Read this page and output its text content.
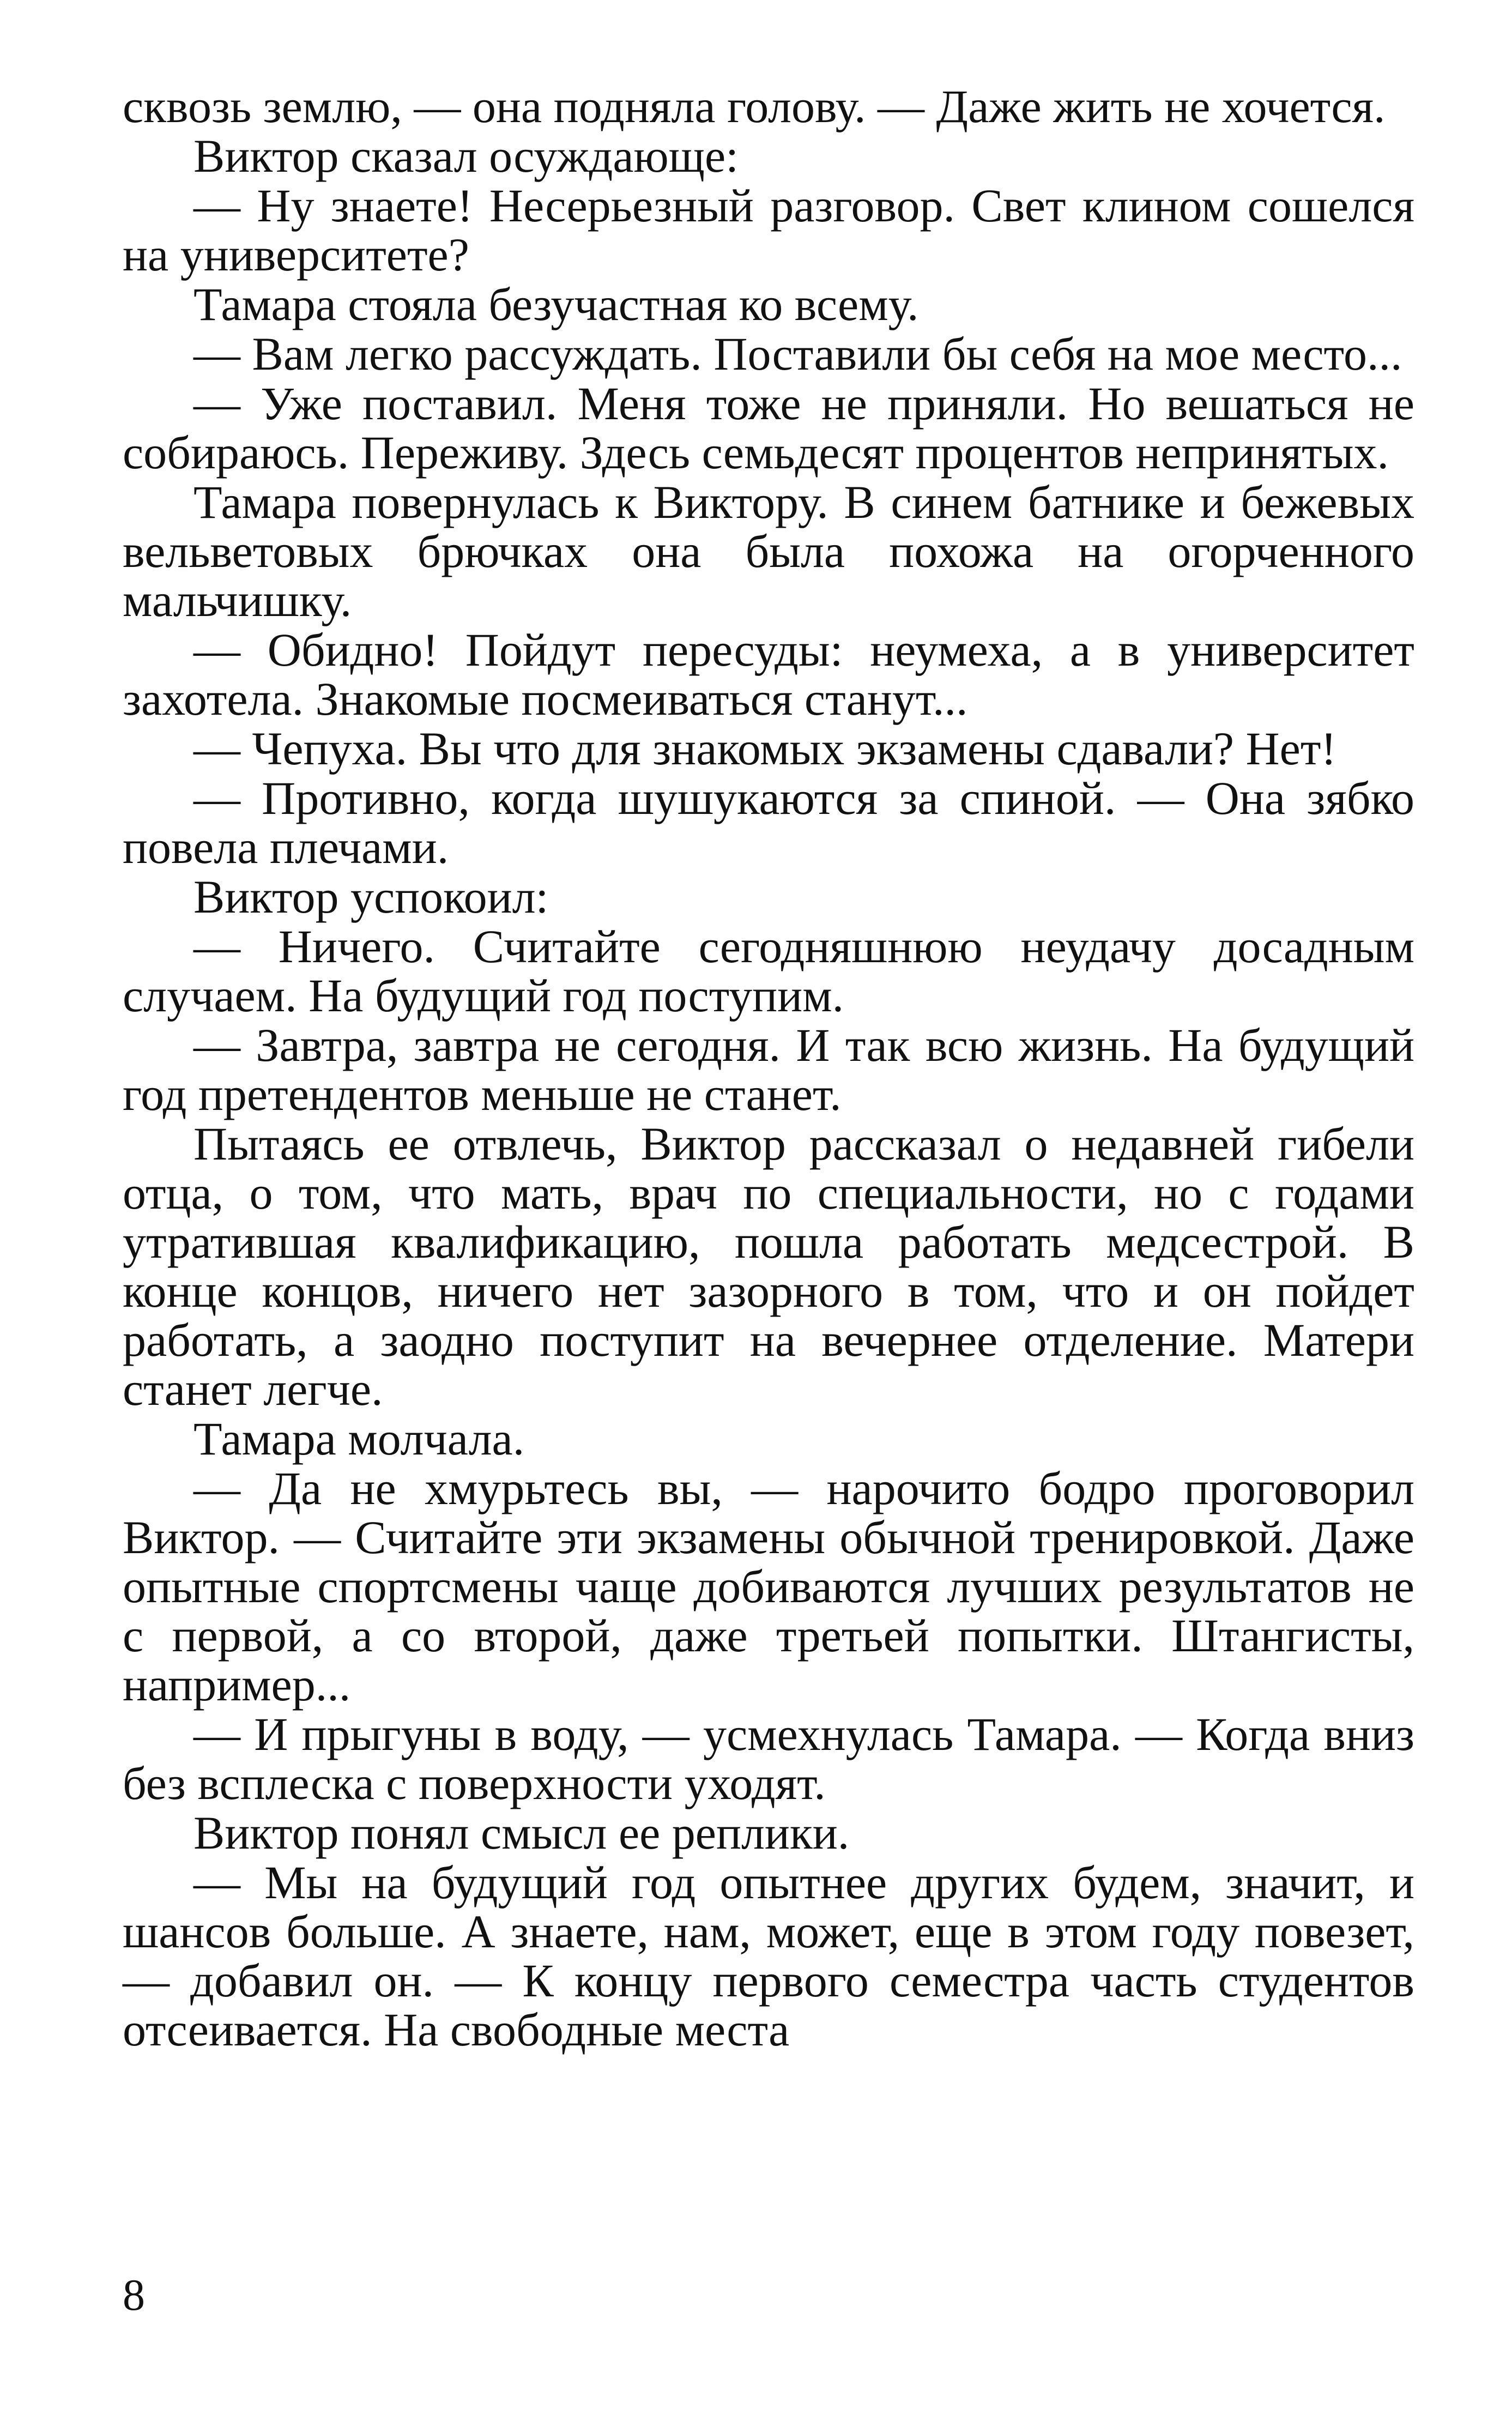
сквозь землю, — она подняла голову. — Даже жить не хочется.

Виктор сказал осуждающе:

— Ну знаете! Несерьезный разговор. Свет клином сошелся на университете?

Тамара стояла безучастная ко всему.

— Вам легко рассуждать. Поставили бы себя на мое место...

— Уже поставил. Меня тоже не приняли. Но вешаться не собираюсь. Переживу. Здесь семьдесят процентов непринятых.

Тамара повернулась к Виктору. В синем батнике и бежевых вельветовых брючках она была похожа на огорченного мальчишку.

— Обидно! Пойдут пересуды: неумеха, а в университет захотела. Знакомые посмеиваться станут...

— Чепуха. Вы что для знакомых экзамены сдавали? Нет!

— Противно, когда шушукаются за спиной. — Она зябко повела плечами.

Виктор успокоил:

— Ничего. Считайте сегодняшнюю неудачу досадным случаем. На будущий год поступим.

— Завтра, завтра не сегодня. И так всю жизнь. На будущий год претендентов меньше не станет.

Пытаясь ее отвлечь, Виктор рассказал о недавней гибели отца, о том, что мать, врач по специальности, но с годами утратившая квалификацию, пошла работать медсестрой. В конце концов, ничего нет зазорного в том, что и он пойдет работать, а заодно поступит на вечернее отделение. Матери станет легче.

Тамара молчала.

— Да не хмурьтесь вы, — нарочито бодро проговорил Виктор. — Считайте эти экзамены обычной тренировкой. Даже опытные спортсмены чаще добиваются лучших результатов не с первой, а со второй, даже третьей попытки. Штангисты, например...

— И прыгуны в воду, — усмехнулась Тамара. — Когда вниз без всплеска с поверхности уходят.

Виктор понял смысл ее реплики.

— Мы на будущий год опытнее других будем, значит, и шансов больше. А знаете, нам, может, еще в этом году повезет, — добавил он. — К концу первого семестра часть студентов отсеивается. На свободные места

8
